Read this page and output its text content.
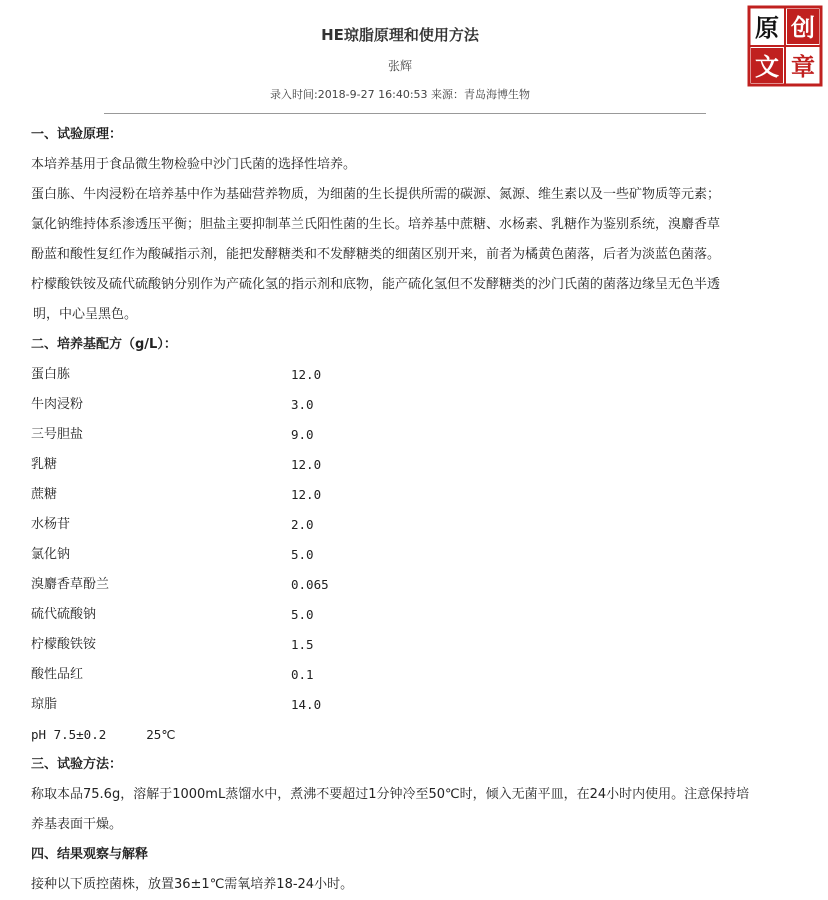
HE琼脂原理和使用方法
张辉
录入时间:2018-9-27 16:40:53 来源：青岛海博生物
原 创
文 章

一、试验原理：

本培养基用于食品微生物检验中沙门氏菌的选择性培养。

蛋白胨、牛肉浸粉在培养基中作为基础营养物质，为细菌的生长提供所需的碳源、氮源、维生素以及一些矿物质等元素；

氯化钠维持体系渗透压平衡；胆盐主要抑制革兰氏阳性菌的生长。培养基中蔗糖、水杨素、乳糖作为鉴别系统，溴麝香草

酚蓝和酸性复红作为酸碱指示剂，能把发酵糖类和不发酵糖类的细菌区别开来，前者为橘黄色菌落，后者为淡蓝色菌落。

柠檬酸铁铵及硫代硫酸钠分别作为产硫化氢的指示剂和底物，能产硫化氢但不发酵糖类的沙门氏菌的菌落边缘呈无色半透

明，中心呈黑色。

二、培养基配方（g/L）：

蛋白胨	12.0
牛肉浸粉	3.0
三号胆盐	9.0
乳糖	12.0
蔗糖	12.0
水杨苷	2.0
氯化钠	5.0
溴麝香草酚兰	0.065
硫代硫酸钠	5.0
柠檬酸铁铵	1.5
酸性品红	0.1
琼脂	14.0

pH 7.5±0.2	25℃

三、试验方法：

称取本品75.6g，溶解于1000mL蒸馏水中，煮沸不要超过1分钟冷至50℃时，倾入无菌平皿，在24小时内使用。注意保持培

养基表面干燥。

四、结果观察与解释

接种以下质控菌株，放置36±1℃需氧培养18-24小时。
